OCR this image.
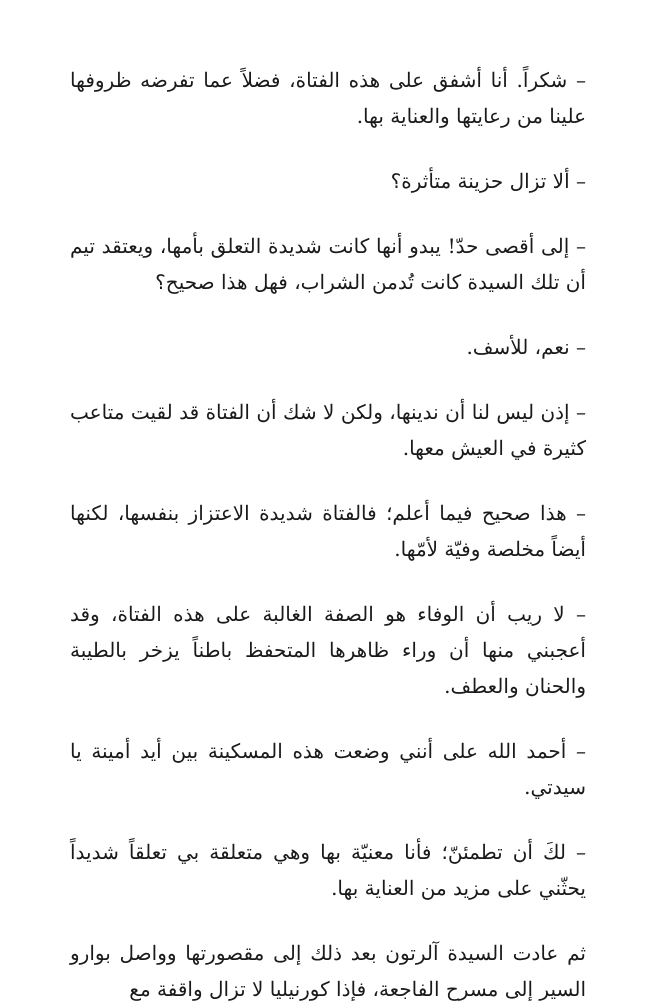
– شكراً. أنا أشفق على هذه الفتاة، فضلاً عما تفرضه ظروفها علينا من رعايتها والعناية بها.

– ألا تزال حزينة متأثرة؟

– إلى أقصى حدّ! يبدو أنها كانت شديدة التعلق بأمها، ويعتقد تيم أن تلك السيدة كانت تُدمن الشراب، فهل هذا صحيح؟

– نعم، للأسف.

– إذن ليس لنا أن ندينها، ولكن لا شك أن الفتاة قد لقيت متاعب كثيرة في العيش معها.

– هذا صحيح فيما أعلم؛ فالفتاة شديدة الاعتزاز بنفسها، لكنها أيضاً مخلصة وفيّة لأمّها.

– لا ريب أن الوفاء هو الصفة الغالبة على هذه الفتاة، وقد أعجبني منها أن وراء ظاهرها المتحفظ باطناً يزخر بالطيبة والحنان والعطف.

– أحمد الله على أنني وضعت هذه المسكينة بين أيد أمينة يا سيدتي.

– لكَ أن تطمئنّ؛ فأنا معنيّة بها وهي متعلقة بي تعلقاً شديداً يحثّني على مزيد من العناية بها.

ثم عادت السيدة آلرتون بعد ذلك إلى مقصورتها وواصل بوارو السير إلى مسرح الفاجعة، فإذا كورنيليا لا تزال واقفة مع
